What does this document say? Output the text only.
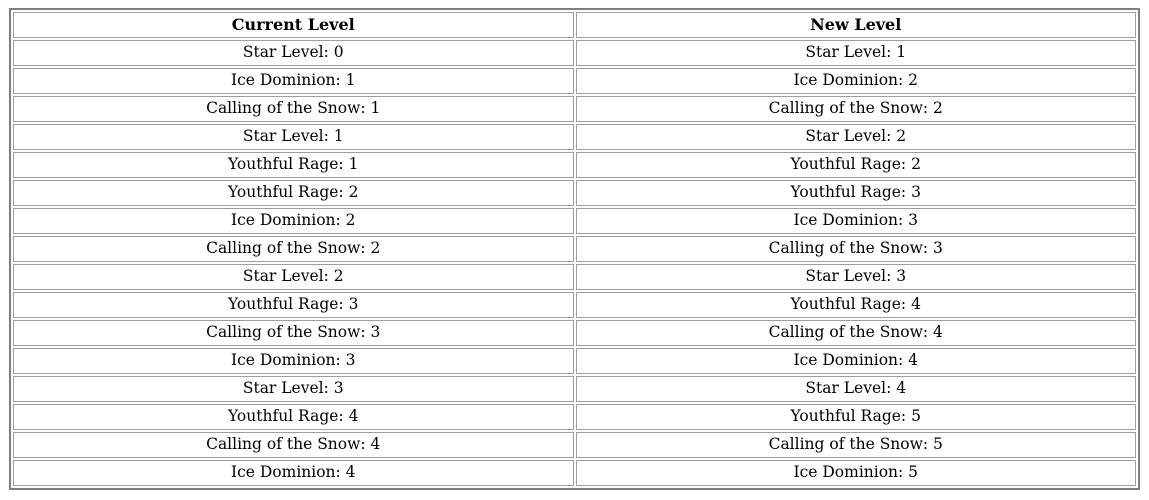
Current Level	New Level
Star Level: 0	Star Level: 1
Ice Dominion: 1	Ice Dominion: 2
Calling of the Snow: 1	Calling of the Snow: 2
Star Level: 1	Star Level: 2
Youthful Rage: 1	Youthful Rage: 2
Youthful Rage: 2	Youthful Rage: 3
Ice Dominion: 2	Ice Dominion: 3
Calling of the Snow: 2	Calling of the Snow: 3
Star Level: 2	Star Level: 3
Youthful Rage: 3	Youthful Rage: 4
Calling of the Snow: 3	Calling of the Snow: 4
Ice Dominion: 3	Ice Dominion: 4
Star Level: 3	Star Level: 4
Youthful Rage: 4	Youthful Rage: 5
Calling of the Snow: 4	Calling of the Snow: 5
Ice Dominion: 4	Ice Dominion: 5
